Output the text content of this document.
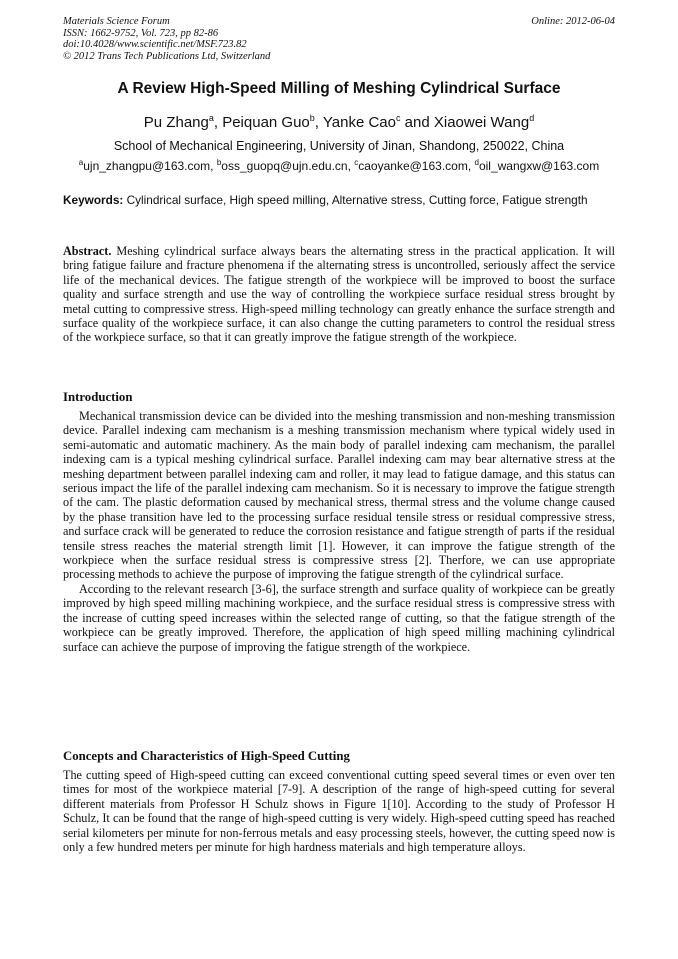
Materials Science Forum
ISSN: 1662-9752, Vol. 723, pp 82-86
doi:10.4028/www.scientific.net/MSF.723.82
© 2012 Trans Tech Publications Ltd, Switzerland
Online: 2012-06-04
A Review High-Speed Milling of Meshing Cylindrical Surface
Pu Zhang$^a$, Peiquan Guo$^b$, Yanke Cao$^c$ and Xiaowei Wang$^d$
School of Mechanical Engineering, University of Jinan, Shandong, 250022, China
$^a$ujn_zhangpu@163.com, $^b$oss_guopq@ujn.edu.cn, $^c$caoyanke@163.com, $^d$oil_wangxw@163.com
Keywords: Cylindrical surface, High speed milling, Alternative stress, Cutting force, Fatigue strength
Abstract. Meshing cylindrical surface always bears the alternating stress in the practical application. It will bring fatigue failure and fracture phenomena if the alternating stress is uncontrolled, seriously affect the service life of the mechanical devices. The fatigue strength of the workpiece will be improved to boost the surface quality and surface strength and use the way of controlling the workpiece surface residual stress brought by metal cutting to compressive stress. High-speed milling technology can greatly enhance the surface strength and surface quality of the workpiece surface, it can also change the cutting parameters to control the residual stress of the workpiece surface, so that it can greatly improve the fatigue strength of the workpiece.
Introduction

Mechanical transmission device can be divided into the meshing transmission and non-meshing transmission device. Parallel indexing cam mechanism is a meshing transmission mechanism where typical widely used in semi-automatic and automatic machinery. As the main body of parallel indexing cam mechanism, the parallel indexing cam is a typical meshing cylindrical surface. Parallel indexing cam may bear alternative stress at the meshing department between parallel indexing cam and roller, it may lead to fatigue damage, and this status can serious impact the life of the parallel indexing cam mechanism. So it is necessary to improve the fatigue strength of the cam. The plastic deformation caused by mechanical stress, thermal stress and the volume change caused by the phase transition have led to the processing surface residual tensile stress or residual compressive stress, and surface crack will be generated to reduce the corrosion resistance and fatigue strength of parts if the residual tensile stress reaches the material strength limit [1]. However, it can improve the fatigue strength of the workpiece when the surface residual stress is compressive stress [2]. Therfore, we can use appropriate processing methods to achieve the purpose of improving the fatigue strength of the cylindrical surface.

According to the relevant research [3-6], the surface strength and surface quality of workpiece can be greatly improved by high speed milling machining workpiece, and the surface residual stress is compressive stress with the increase of cutting speed increases within the selected range of cutting, so that the fatigue strength of the workpiece can be greatly improved. Therefore, the application of high speed milling machining cylindrical surface can achieve the purpose of improving the fatigue strength of the workpiece.

Concepts and Characteristics of High-Speed Cutting
The cutting speed of High-speed cutting can exceed conventional cutting speed several times or even over ten times for most of the workpiece material [7-9]. A description of the range of high-speed cutting for several different materials from Professor H Schulz shows in Figure 1[10]. According to the study of Professor H Schulz, It can be found that the range of high-speed cutting is very widely. High-speed cutting speed has reached serial kilometers per minute for non-ferrous metals and easy processing steels, however, the cutting speed now is only a few hundred meters per minute for high hardness materials and high temperature alloys.
